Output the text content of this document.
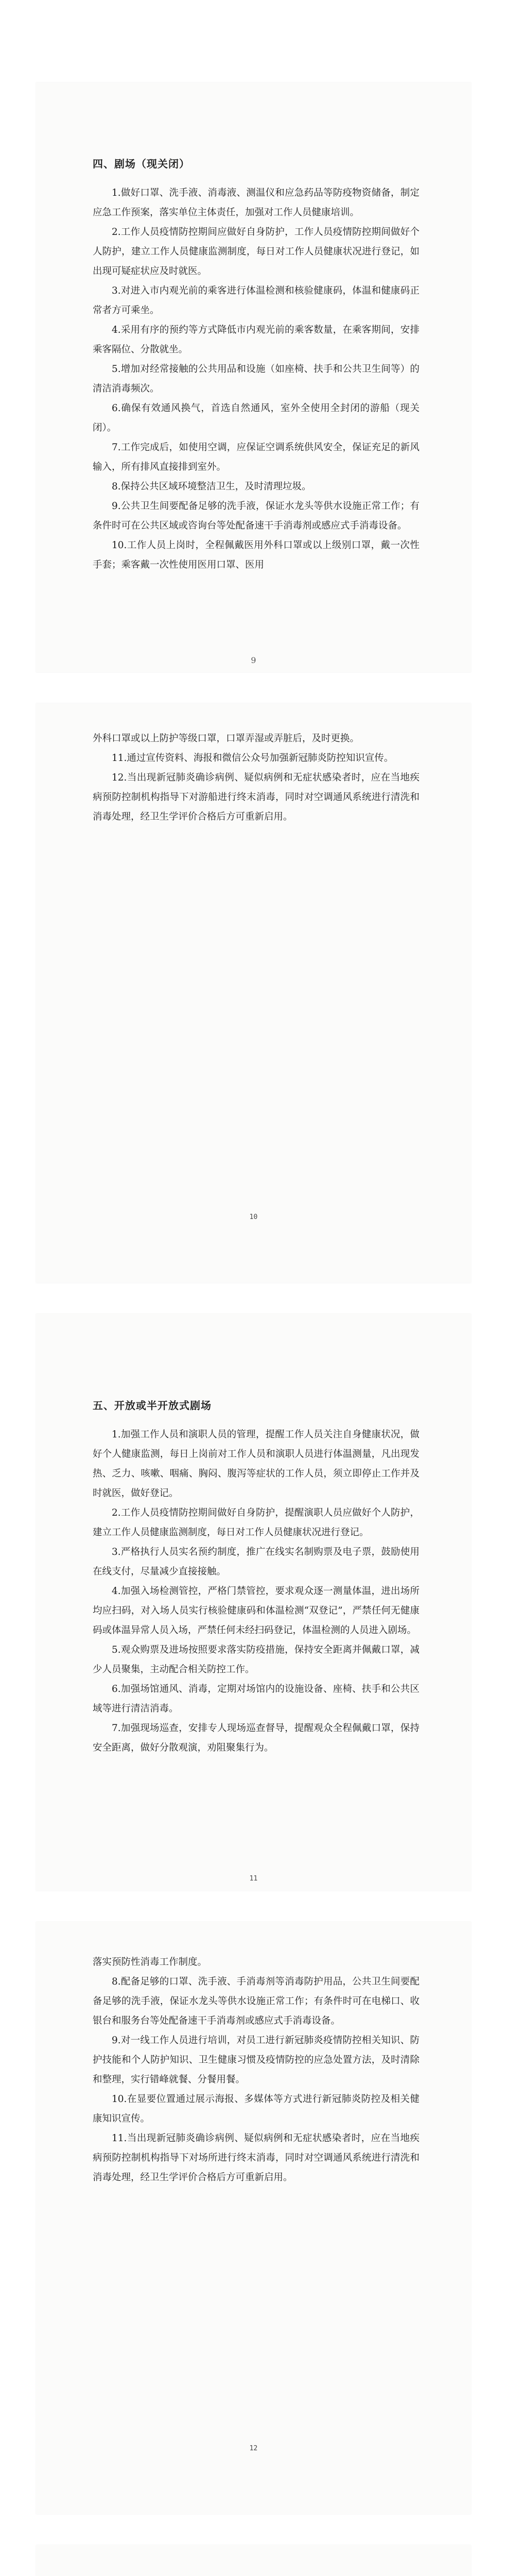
四、剧场（现关闭）

1.做好口罩、洗手液、消毒液、测温仪和应急药品等防疫物资储备，制定应急工作预案，落实单位主体责任，加强对工作人员健康培训。

2.工作人员疫情防控期间应做好自身防护，工作人员疫情防控期间做好个人防护，建立工作人员健康监测制度，每日对工作人员健康状况进行登记，如出现可疑症状应及时就医。

3.对进入市内观光前的乘客进行体温检测和核验健康码，体温和健康码正常者方可乘坐。

4.采用有序的预约等方式降低市内观光前的乘客数量，在乘客期间，安排乘客隔位、分散就坐。

5.增加对经常接触的公共用品和设施（如座椅、扶手和公共卫生间等）的清洁消毒频次。

6.确保有效通风换气，首选自然通风，室外全使用全封闭的游船（现关闭）。

7.工作完成后，如使用空调，应保证空调系统供风安全，保证充足的新风输入，所有排风直接排到室外。

8.保持公共区域环境整洁卫生，及时清理垃圾。

9.公共卫生间要配备足够的洗手液，保证水龙头等供水设施正常工作；有条件时可在公共区域或咨询台等处配备速干手消毒剂或感应式手消毒设备。

10.工作人员上岗时，全程佩戴医用外科口罩或以上级别口罩，戴一次性手套；乘客戴一次性使用医用口罩、医用

9

外科口罩或以上防护等级口罩，口罩弄湿或弄脏后，及时更换。

11.通过宣传资料、海报和微信公众号加强新冠肺炎防控知识宣传。

12.当出现新冠肺炎确诊病例、疑似病例和无症状感染者时，应在当地疾病预防控制机构指导下对游船进行终末消毒，同时对空调通风系统进行清洗和消毒处理，经卫生学评价合格后方可重新启用。

10
五、开放或半开放式剧场

1.加强工作人员和演职人员的管理，提醒工作人员关注自身健康状况，做好个人健康监测，每日上岗前对工作人员和演职人员进行体温测量，凡出现发热、乏力、咳嗽、咽痛、胸闷、腹泻等症状的工作人员，须立即停止工作并及时就医，做好登记。

2.工作人员疫情防控期间做好自身防护，提醒演职人员应做好个人防护，建立工作人员健康监测制度，每日对工作人员健康状况进行登记。

3.严格执行人员实名预约制度，推广在线实名制购票及电子票，鼓励使用在线支付，尽量减少直接接触。

4.加强入场检测管控，严格门禁管控，要求观众逐一测量体温，进出场所均应扫码，对入场人员实行核验健康码和体温检测“双登记”，严禁任何无健康码或体温异常人员入场，严禁任何未经扫码登记，体温检测的人员进入剧场。

5.观众购票及进场按照要求落实防疫措施，保持安全距离并佩戴口罩，减少人员聚集，主动配合相关防控工作。

6.加强场馆通风、消毒，定期对场馆内的设施设备、座椅、扶手和公共区域等进行清洁消毒。

7.加强现场巡查，安排专人现场巡查督导，提醒观众全程佩戴口罩，保持安全距离，做好分散观演，劝阻聚集行为。

11

落实预防性消毒工作制度。

8.配备足够的口罩、洗手液、手消毒剂等消毒防护用品，公共卫生间要配备足够的洗手液，保证水龙头等供水设施正常工作；有条件时可在电梯口、收银台和服务台等处配备速干手消毒剂或感应式手消毒设备。

9.对一线工作人员进行培训，对员工进行新冠肺炎疫情防控相关知识、防护技能和个人防护知识、卫生健康习惯及疫情防控的应急处置方法，及时清除和整理，实行错峰就餐、分餐用餐。

10.在显要位置通过展示海报、多媒体等方式进行新冠肺炎防控及相关健康知识宣传。

11.当出现新冠肺炎确诊病例、疑似病例和无症状感染者时，应在当地疾病预防控制机构指导下对场所进行终末消毒，同时对空调通风系统进行清洗和消毒处理，经卫生学评价合格后方可重新启用。

12
